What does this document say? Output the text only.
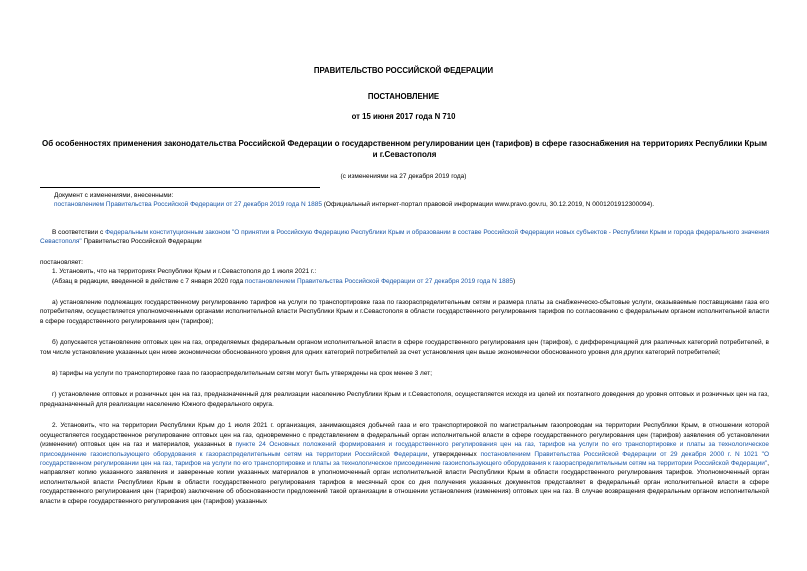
ПРАВИТЕЛЬСТВО РОССИЙСКОЙ ФЕДЕРАЦИИ
ПОСТАНОВЛЕНИЕ
от 15 июня 2017 года N 710
Об особенностях применения законодательства Российской Федерации о государственном регулировании цен (тарифов) в сфере газоснабжения на территориях Республики Крым и г.Севастополя
(с изменениями на 27 декабря 2019 года)

Документ с изменениями, внесенными:

постановлением Правительства Российской Федерации от 27 декабря 2019 года N 1885 (Официальный интернет-портал правовой информации www.pravo.gov.ru, 30.12.2019, N 0001201912300094).

В соответствии с Федеральным конституционным законом "О принятии в Российскую Федерацию Республики Крым и образовании в составе Российской Федерации новых субъектов - Республики Крым и города федерального значения Севастополя" Правительство Российской Федерации

постановляет:

1. Установить, что на территориях Республики Крым и г.Севастополя до 1 июля 2021 г.:

(Абзац в редакции, введенной в действие с 7 января 2020 года постановлением Правительства Российской Федерации от 27 декабря 2019 года N 1885)

а) установление подлежащих государственному регулированию тарифов на услуги по транспортировке газа по газораспределительным сетям и размера платы за снабженческо-сбытовые услуги, оказываемые поставщиками газа его потребителям, осуществляется уполномоченными органами исполнительной власти Республики Крым и г.Севастополя в области государственного регулирования тарифов по согласованию с федеральным органом исполнительной власти в сфере государственного регулирования цен (тарифов);

б) допускается установление оптовых цен на газ, определяемых федеральным органом исполнительной власти в сфере государственного регулирования цен (тарифов), с дифференциацией для различных категорий потребителей, в том числе установление указанных цен ниже экономически обоснованного уровня для одних категорий потребителей за счет установления цен выше экономически обоснованного уровня для других категорий потребителей;

в) тарифы на услуги по транспортировке газа по газораспределительным сетям могут быть утверждены на срок менее 3 лет;

г) установление оптовых и розничных цен на газ, предназначенный для реализации населению Республики Крым и г.Севастополя, осуществляется исходя из целей их поэтапного доведения до уровня оптовых и розничных цен на газ, предназначенный для реализации населению Южного федерального округа.

2. Установить, что на территории Республики Крым до 1 июля 2021 г. организация, занимающаяся добычей газа и его транспортировкой по магистральным газопроводам на территории Республики Крым, в отношении которой осуществляется государственное регулирование оптовых цен на газ, одновременно с представлением в федеральный орган исполнительной власти в сфере государственного регулирования цен (тарифов) заявления об установлении (изменении) оптовых цен на газ и материалов, указанных в пункте 24 Основных положений формирования и государственного регулирования цен на газ, тарифов на услуги по его транспортировке и платы за технологическое присоединение газоиспользующего оборудования к газораспределительным сетям на территории Российской Федерации, утвержденных постановлением Правительства Российской Федерации от 29 декабря 2000 г. N 1021 "О государственном регулировании цен на газ, тарифов на услуги по его транспортировке и платы за технологическое присоединение газоиспользующего оборудования к газораспределительным сетям на территории Российской Федерации", направляет копию указанного заявления и заверенные копии указанных материалов в уполномоченный орган исполнительной власти Республики Крым в области государственного регулирования тарифов. Уполномоченный орган исполнительной власти Республики Крым в области государственного регулирования тарифов в месячный срок со дня получения указанных документов представляет в федеральный орган исполнительной власти в сфере государственного регулирования цен (тарифов) заключение об обоснованности предложений такой организации в отношении установления (изменения) оптовых цен на газ. В случае возвращения федеральным органом исполнительной власти в сфере государственного регулирования цен (тарифов) указанных
